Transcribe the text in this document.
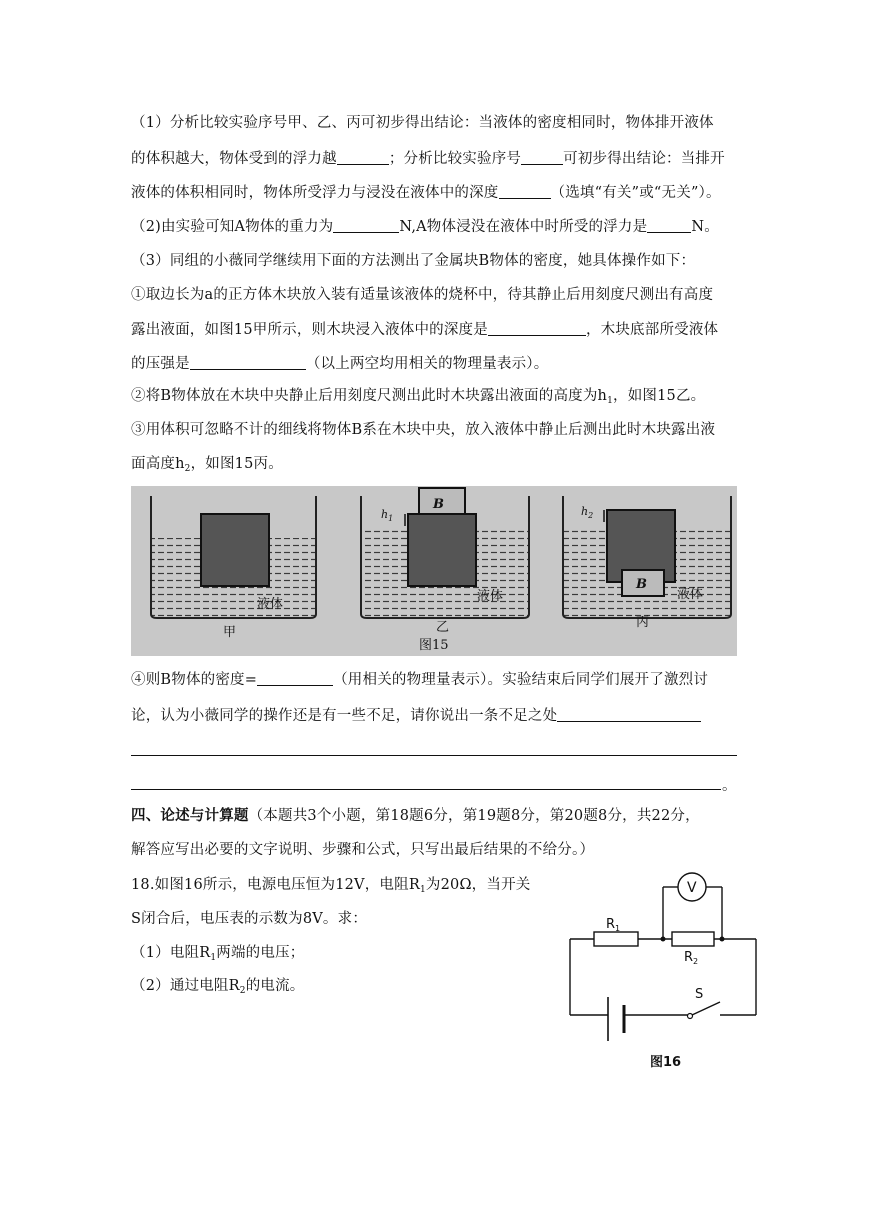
（1）分析比较实验序号甲、乙、丙可初步得出结论：当液体的密度相同时，物体排开液体
的体积越大，物体受到的浮力越	；分析比较实验序号	可初步得出结论：当排开
液体的体积相同时，物体所受浮力与浸没在液体中的深度	（选填“有关”或“无关”）。
（2)由实验可知A物体的重力为	N,A物体浸没在液体中时所受的浮力是	N。
（3）同组的小薇同学继续用下面的方法测出了金属块B物体的密度，她具体操作如下：
①取边长为a的正方体木块放入装有适量该液体的烧杯中，待其静止后用刻度尺测出有高度
露出液面，如图15甲所示，则木块浸入液体中的深度是	，木块底部所受液体
的压强是	（以上两空均用相关的物理量表示）。
②将B物体放在木块中央静止后用刻度尺测出此时木块露出液面的高度为$h_1$，如图15乙。
③用体积可忽略不计的细线将物体B系在木块中央，放入液体中静止后测出此时木块露出液
面高度$h_2$，如图15丙。
B
B
$h_1$
$h_2$
液体
液体	液体
甲	乙	丙
图15
④则B物体的密度=	（用相关的物理量表示）。实验结束后同学们展开了激烈讨
论，认为小薇同学的操作还是有一些不足，请你说出一条不足之处
。
四、论述与计算题（本题共3个小题，第18题6分，第19题8分，第20题8分，共22分，
解答应写出必要的文字说明、步骤和公式，只写出最后结果的不给分。）
18.如图16所示，电源电压恒为12V，电阻$R_1$为20Ω，当开关
S闭合后，电压表的示数为8V。求：
（1）电阻$R_1$两端的电压；
（2）通过电阻$R_2$的电流。
V
$R_1$
$R_2$
S
图16
